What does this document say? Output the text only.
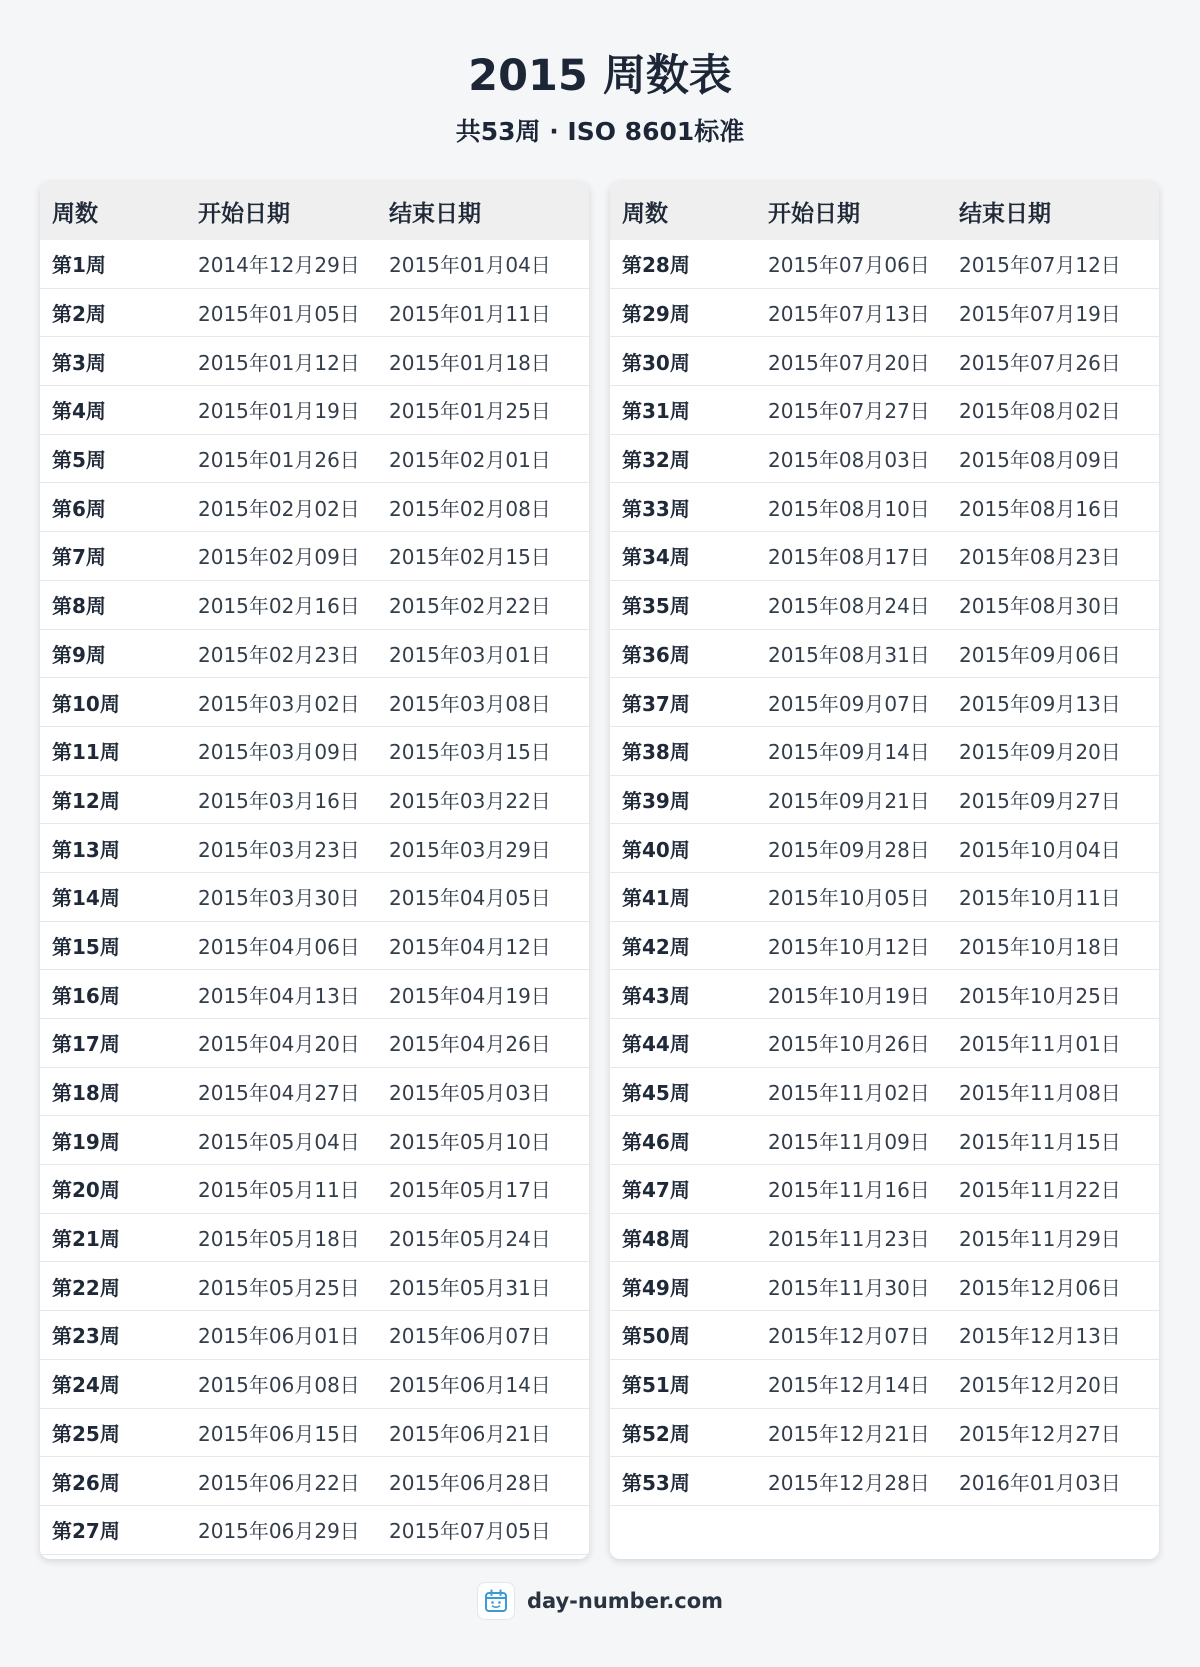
2015 周数表
共53周 · ISO 8601标准
周数	开始日期	结束日期
第1周	2014年12月29日	2015年01月04日
第2周	2015年01月05日	2015年01月11日
第3周	2015年01月12日	2015年01月18日
第4周	2015年01月19日	2015年01月25日
第5周	2015年01月26日	2015年02月01日
第6周	2015年02月02日	2015年02月08日
第7周	2015年02月09日	2015年02月15日
第8周	2015年02月16日	2015年02月22日
第9周	2015年02月23日	2015年03月01日
第10周	2015年03月02日	2015年03月08日
第11周	2015年03月09日	2015年03月15日
第12周	2015年03月16日	2015年03月22日
第13周	2015年03月23日	2015年03月29日
第14周	2015年03月30日	2015年04月05日
第15周	2015年04月06日	2015年04月12日
第16周	2015年04月13日	2015年04月19日
第17周	2015年04月20日	2015年04月26日
第18周	2015年04月27日	2015年05月03日
第19周	2015年05月04日	2015年05月10日
第20周	2015年05月11日	2015年05月17日
第21周	2015年05月18日	2015年05月24日
第22周	2015年05月25日	2015年05月31日
第23周	2015年06月01日	2015年06月07日
第24周	2015年06月08日	2015年06月14日
第25周	2015年06月15日	2015年06月21日
第26周	2015年06月22日	2015年06月28日
第27周	2015年06月29日	2015年07月05日
周数	开始日期	结束日期
第28周	2015年07月06日	2015年07月12日
第29周	2015年07月13日	2015年07月19日
第30周	2015年07月20日	2015年07月26日
第31周	2015年07月27日	2015年08月02日
第32周	2015年08月03日	2015年08月09日
第33周	2015年08月10日	2015年08月16日
第34周	2015年08月17日	2015年08月23日
第35周	2015年08月24日	2015年08月30日
第36周	2015年08月31日	2015年09月06日
第37周	2015年09月07日	2015年09月13日
第38周	2015年09月14日	2015年09月20日
第39周	2015年09月21日	2015年09月27日
第40周	2015年09月28日	2015年10月04日
第41周	2015年10月05日	2015年10月11日
第42周	2015年10月12日	2015年10月18日
第43周	2015年10月19日	2015年10月25日
第44周	2015年10月26日	2015年11月01日
第45周	2015年11月02日	2015年11月08日
第46周	2015年11月09日	2015年11月15日
第47周	2015年11月16日	2015年11月22日
第48周	2015年11月23日	2015年11月29日
第49周	2015年11月30日	2015年12月06日
第50周	2015年12月07日	2015年12月13日
第51周	2015年12月14日	2015年12月20日
第52周	2015年12月21日	2015年12月27日
第53周	2015年12月28日	2016年01月03日
day-number.com
